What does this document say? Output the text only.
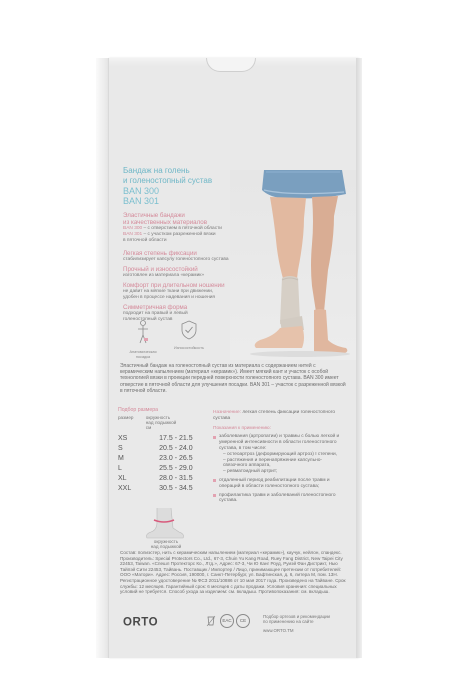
Бандаж на голень
и голеностопный сустав
BAN 300
BAN 301
Эластичные бандажи
из качественных материалов
BAN 300 – с отверстием в пяточной области
BAN 301 – с участком разреженной вязки
в пяточной области
Легкая степень фиксации
стабилизирует капсулу голеностопного сустава
Прочный и износостойкий
изготовлен из материала «керамик»
Комфорт при длительном ношении
не давит на мягкие ткани при движении,
удобен в процессе надевания и ношения
Симметричная форма
подходит на правый и левый
голеностопный сустав
Анатомическая
посадка
Износостойкость
Эластичный бандаж на голеностопный сустав из материала с содержанием нитей с керамическим напылением (материал «керамик»). Имеет мягкий кант и участок с особой технологией вязки в проекции передней поверхности голеностопного сустава. BAN 300 имеет отверстие в пяточной области для улучшения посадки. BAN 301 – участок с разреженной вязкой в пяточной области.
Подбор размера
размер	окружность
над лодыжкой
см

XS	17.5 - 21.5
S	20.5 - 24.0
M	23.0 - 26.5
L	25.5 - 29.0
XL	28.0 - 31.5
XXL	30.5 - 34.5
окружность
над лодыжкой
Назначение: легкая степень фиксации голеностопного сустава
Показания к применению:
заболевания (артропатии) и травмы с болью легкой и умеренной интенсивности в области голеностопного сустава, в том числе:
– остеоартроз (деформирующий артроз) I степени,
– растяжения и перенапряжение капсульно-связочного аппарата,
– ревматоидный артрит;
отдаленный период реабилитации после травм и операций в области голеностопного сустава;
профилактика травм и заболеваний голеностопного сустава.
Состав: полиэстер, нить с керамическим напылением (материал «керамик»), каучук, нейлон, спандекс. Производитель: Special Protectors Co., Ltd., 67-3, Chuin Yu Kang Road, Ruey Fang District, New Taipei City 22453, Taiwan. «Спешл Протекторс Ко., Лтд.», Адрес: 67-3, Чи Ю Канг Роуд, Руиэй Фан Дистрикт, Нью Тайпэй Сити 22453, Тайвань. Поставщик / Импортер / Лицо, принимающее претензии от потребителей: ООО «Матори». Адрес: Россия, 190000, г. Санкт-Петербург, ул. Бафтинская, д. 6, литера М, пом. 13Н. Регистрационное удостоверение № ФСЗ 2011/10886 от 10 мая 2017 года. Произведено на Тайване. Срок службы: 12 месяцев. Гарантийный срок: 6 месяцев с даты продажи. Условия хранения: специальных условий не требуется. Способ ухода за изделием: см. вкладыш. Противопоказания: см. вкладыш.
ORTO	EAC	CE
Подбор ортезов и рекомендации
по применению на сайте
www.ORTO.TM
